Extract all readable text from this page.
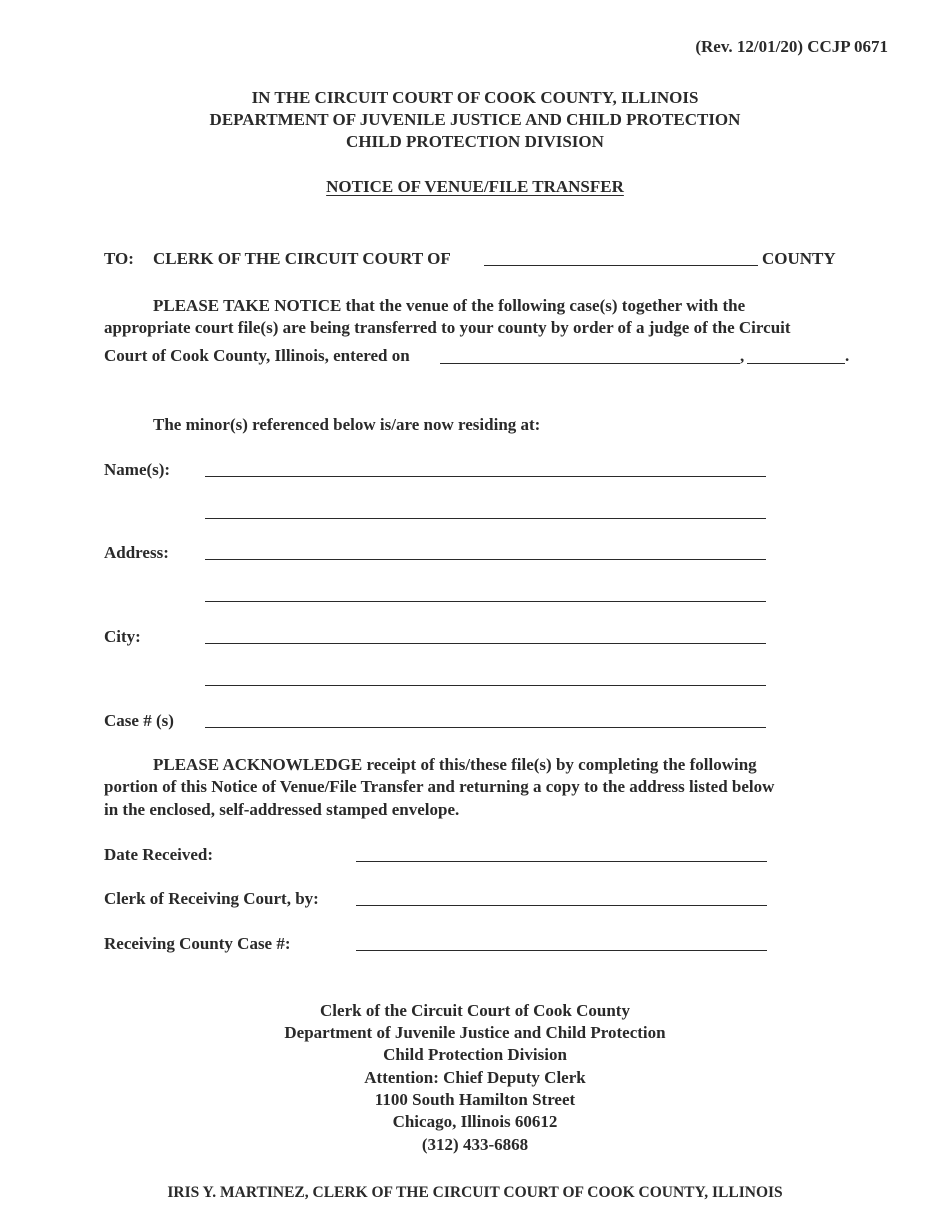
(Rev. 12/01/20) CCJP 0671
IN THE CIRCUIT COURT OF COOK COUNTY, ILLINOIS
DEPARTMENT OF JUVENILE JUSTICE AND CHILD PROTECTION
CHILD PROTECTION DIVISION
NOTICE OF VENUE/FILE TRANSFER
TO: CLERK OF THE CIRCUIT COURT OF	COUNTY
PLEASE TAKE NOTICE that the venue of the following case(s) together with the
appropriate court file(s) are being transferred to your county by order of a judge of the Circuit
Court of Cook County, Illinois, entered on	,	.
The minor(s) referenced below is/are now residing at:
Name(s):
Address:
City:
Case # (s)
PLEASE ACKNOWLEDGE receipt of this/these file(s) by completing the following
portion of this Notice of Venue/File Transfer and returning a copy to the address listed below
in the enclosed, self-addressed stamped envelope.
Date Received:
Clerk of Receiving Court, by:
Receiving County Case #:
Clerk of the Circuit Court of Cook County
Department of Juvenile Justice and Child Protection
Child Protection Division
Attention: Chief Deputy Clerk
1100 South Hamilton Street
Chicago, Illinois 60612
(312) 433-6868
IRIS Y. MARTINEZ, CLERK OF THE CIRCUIT COURT OF COOK COUNTY, ILLINOIS
